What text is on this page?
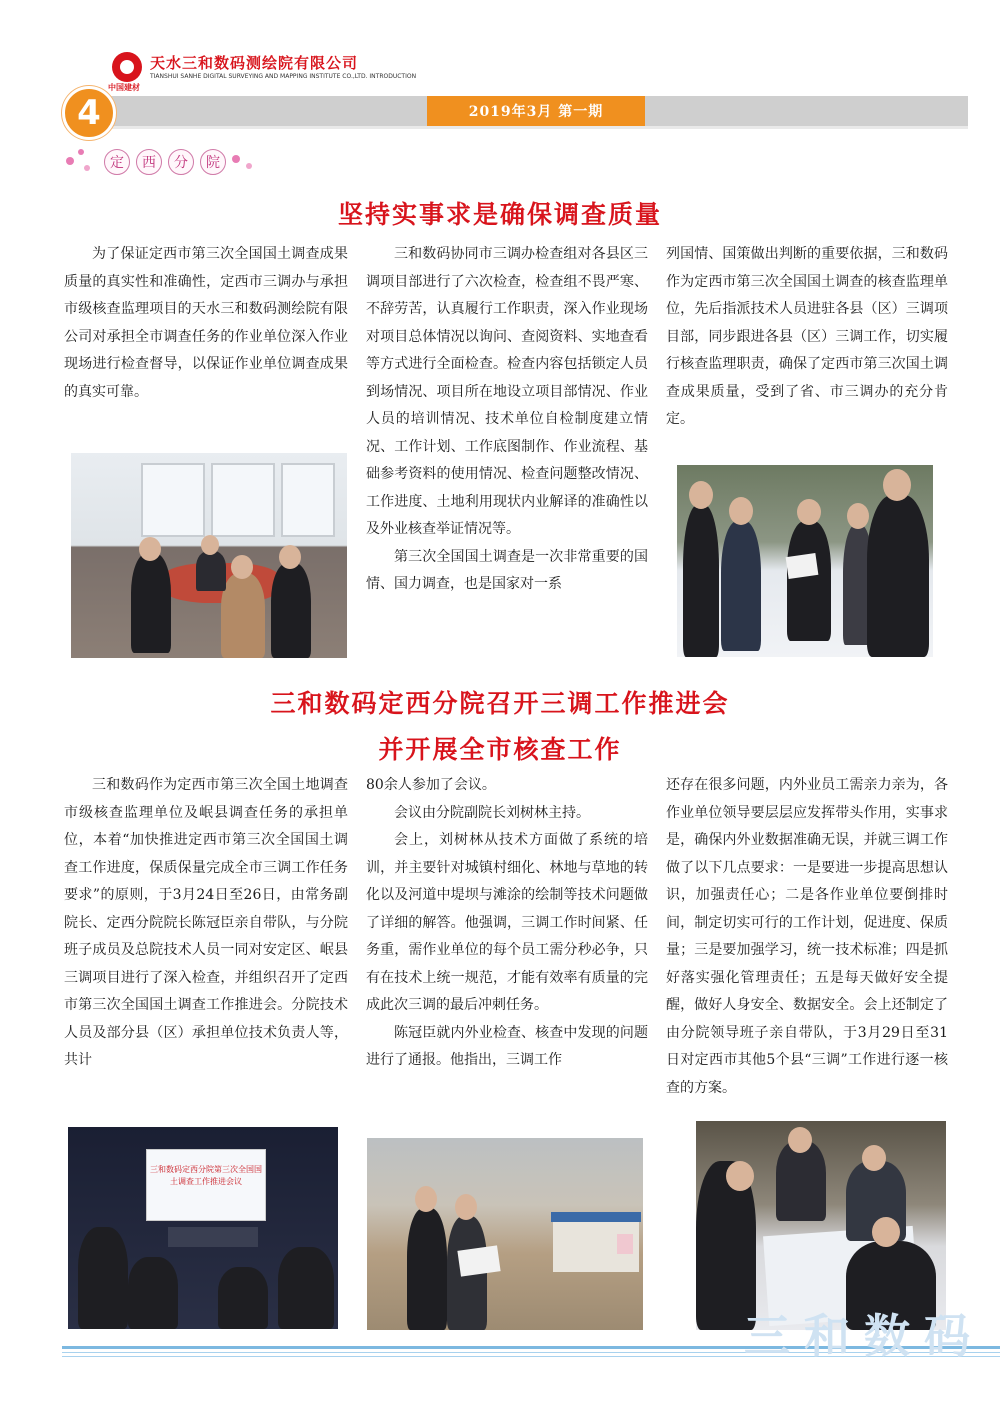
中国建材
天水三和数码测绘院有限公司
TIANSHUI SANHE DIGITAL SURVEYING AND MAPPING INSTITUTE CO.,LTD. INTRODUCTION
2019年3月 第一期
4
定	西	分	院
坚持实事求是确保调查质量

为了保证定西市第三次全国国土调查成果质量的真实性和准确性，定西市三调办与承担市级核查监理项目的天水三和数码测绘院有限公司对承担全市调查任务的作业单位深入作业现场进行检查督导，以保证作业单位调查成果的真实可靠。

三和数码协同市三调办检查组对各县区三调项目部进行了六次检查，检查组不畏严寒、不辞劳苦，认真履行工作职责，深入作业现场对项目总体情况以询问、查阅资料、实地查看等方式进行全面检查。检查内容包括锁定人员到场情况、项目所在地设立项目部情况、作业人员的培训情况、技术单位自检制度建立情况、工作计划、工作底图制作、作业流程、基础参考资料的使用情况、检查问题整改情况、工作进度、土地利用现状内业解译的准确性以及外业核查举证情况等。

第三次全国国土调查是一次非常重要的国情、国力调查，也是国家对一系

列国情、国策做出判断的重要依据，三和数码作为定西市第三次全国国土调查的核查监理单位，先后指派技术人员进驻各县（区）三调项目部，同步跟进各县（区）三调工作，切实履行核查监理职责，确保了定西市第三次国土调查成果质量，受到了省、市三调办的充分肯定。

三和数码定西分院召开三调工作推进会
并开展全市核查工作

三和数码作为定西市第三次全国土地调查市级核查监理单位及岷县调查任务的承担单位，本着“加快推进定西市第三次全国国土调查工作进度，保质保量完成全市三调工作任务要求”的原则，于3月24日至26日，由常务副院长、定西分院院长陈冠臣亲自带队，与分院班子成员及总院技术人员一同对安定区、岷县三调项目进行了深入检查，并组织召开了定西市第三次全国国土调查工作推进会。分院技术人员及部分县（区）承担单位技术负责人等，共计

80余人参加了会议。

会议由分院副院长刘树林主持。

会上，刘树林从技术方面做了系统的培训，并主要针对城镇村细化、林地与草地的转化以及河道中堤坝与滩涂的绘制等技术问题做了详细的解答。他强调，三调工作时间紧、任务重，需作业单位的每个员工需分秒必争，只有在技术上统一规范，才能有效率有质量的完成此次三调的最后冲刺任务。

陈冠臣就内外业检查、核查中发现的问题进行了通报。他指出，三调工作

还存在很多问题，内外业员工需亲力亲为，各作业单位领导要层层应发挥带头作用，实事求是，确保内外业数据准确无误，并就三调工作做了以下几点要求：一是要进一步提高思想认识，加强责任心；二是各作业单位要倒排时间，制定切实可行的工作计划，促进度、保质量；三是要加强学习，统一技术标准；四是抓好落实强化管理责任；五是每天做好安全提醒，做好人身安全、数据安全。会上还制定了由分院领导班子亲自带队，于3月29日至31日对定西市其他5个县“三调”工作进行逐一核查的方案。

三和数码定西分院第三次全国国土调查工作推进会议
三和数码
